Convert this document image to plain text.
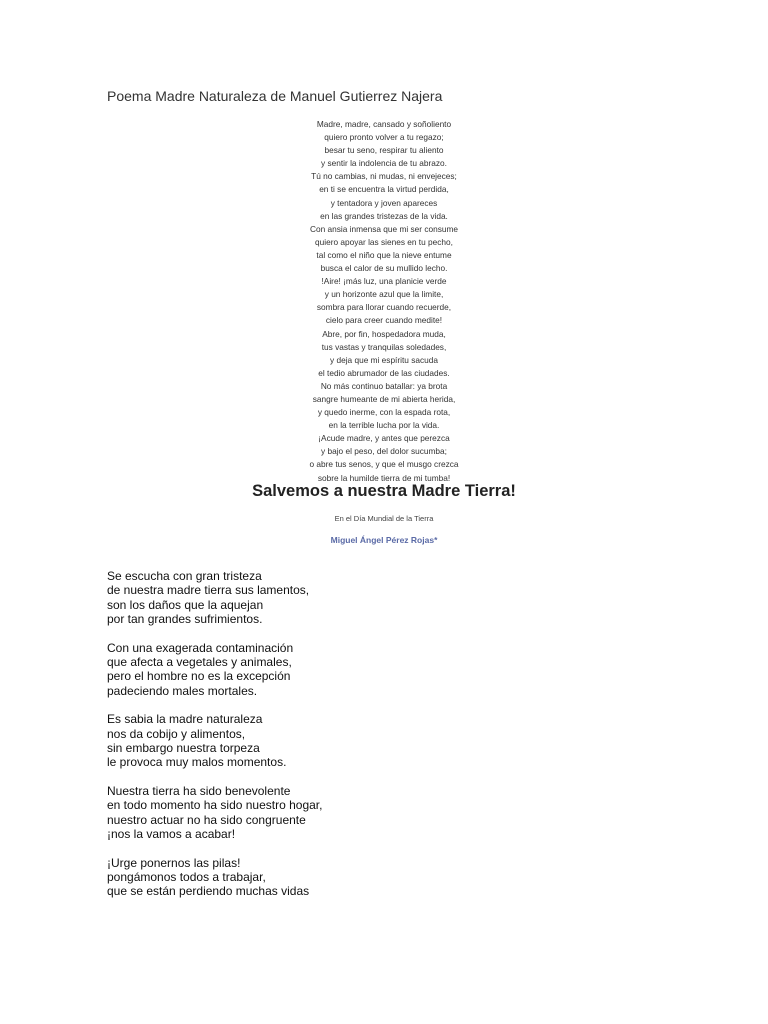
Poema Madre Naturaleza de Manuel Gutierrez Najera
Madre, madre, cansado y soñoliento
quiero pronto volver a tu regazo;
besar tu seno, respirar tu aliento
y sentir la indolencia de tu abrazo.
Tú no cambias, ni mudas, ni envejeces;
en ti se encuentra la virtud perdida,
y tentadora y joven apareces
en las grandes tristezas de la vida.
Con ansia inmensa que mi ser consume
quiero apoyar las sienes en tu pecho,
tal como el niño que la nieve entume
busca el calor de su mullido lecho.
!Aire! ¡más luz, una planicie verde
y un horizonte azul que la limite,
sombra para llorar cuando recuerde,
cielo para creer cuando medite!
Abre, por fin, hospedadora muda,
tus vastas y tranquilas soledades,
y deja que mi espíritu sacuda
el tedio abrumador de las ciudades.
No más continuo batallar: ya brota
sangre humeante de mi abierta herida,
y quedo inerme, con la espada rota,
en la terrible lucha por la vida.
¡Acude madre, y antes que perezca
y bajo el peso, del dolor sucumba;
o abre tus senos, y que el musgo crezca
sobre la humilde tierra de mi tumba!
Salvemos a nuestra Madre Tierra!
En el Día Mundial de la Tierra
Miguel Ángel Pérez Rojas*
Se escucha con gran tristeza
de nuestra madre tierra sus lamentos,
son los daños que la aquejan
por tan grandes sufrimientos.
Con una exagerada contaminación
que afecta a vegetales y animales,
pero el hombre no es la excepción
padeciendo males mortales.
Es sabia la madre naturaleza
nos da cobijo y alimentos,
sin embargo nuestra torpeza
le provoca muy malos momentos.
Nuestra tierra ha sido benevolente
en todo momento ha sido nuestro hogar,
nuestro actuar no ha sido congruente
¡nos la vamos a acabar!
¡Urge ponernos las pilas!
pongámonos todos a trabajar,
que se están perdiendo muchas vidas
